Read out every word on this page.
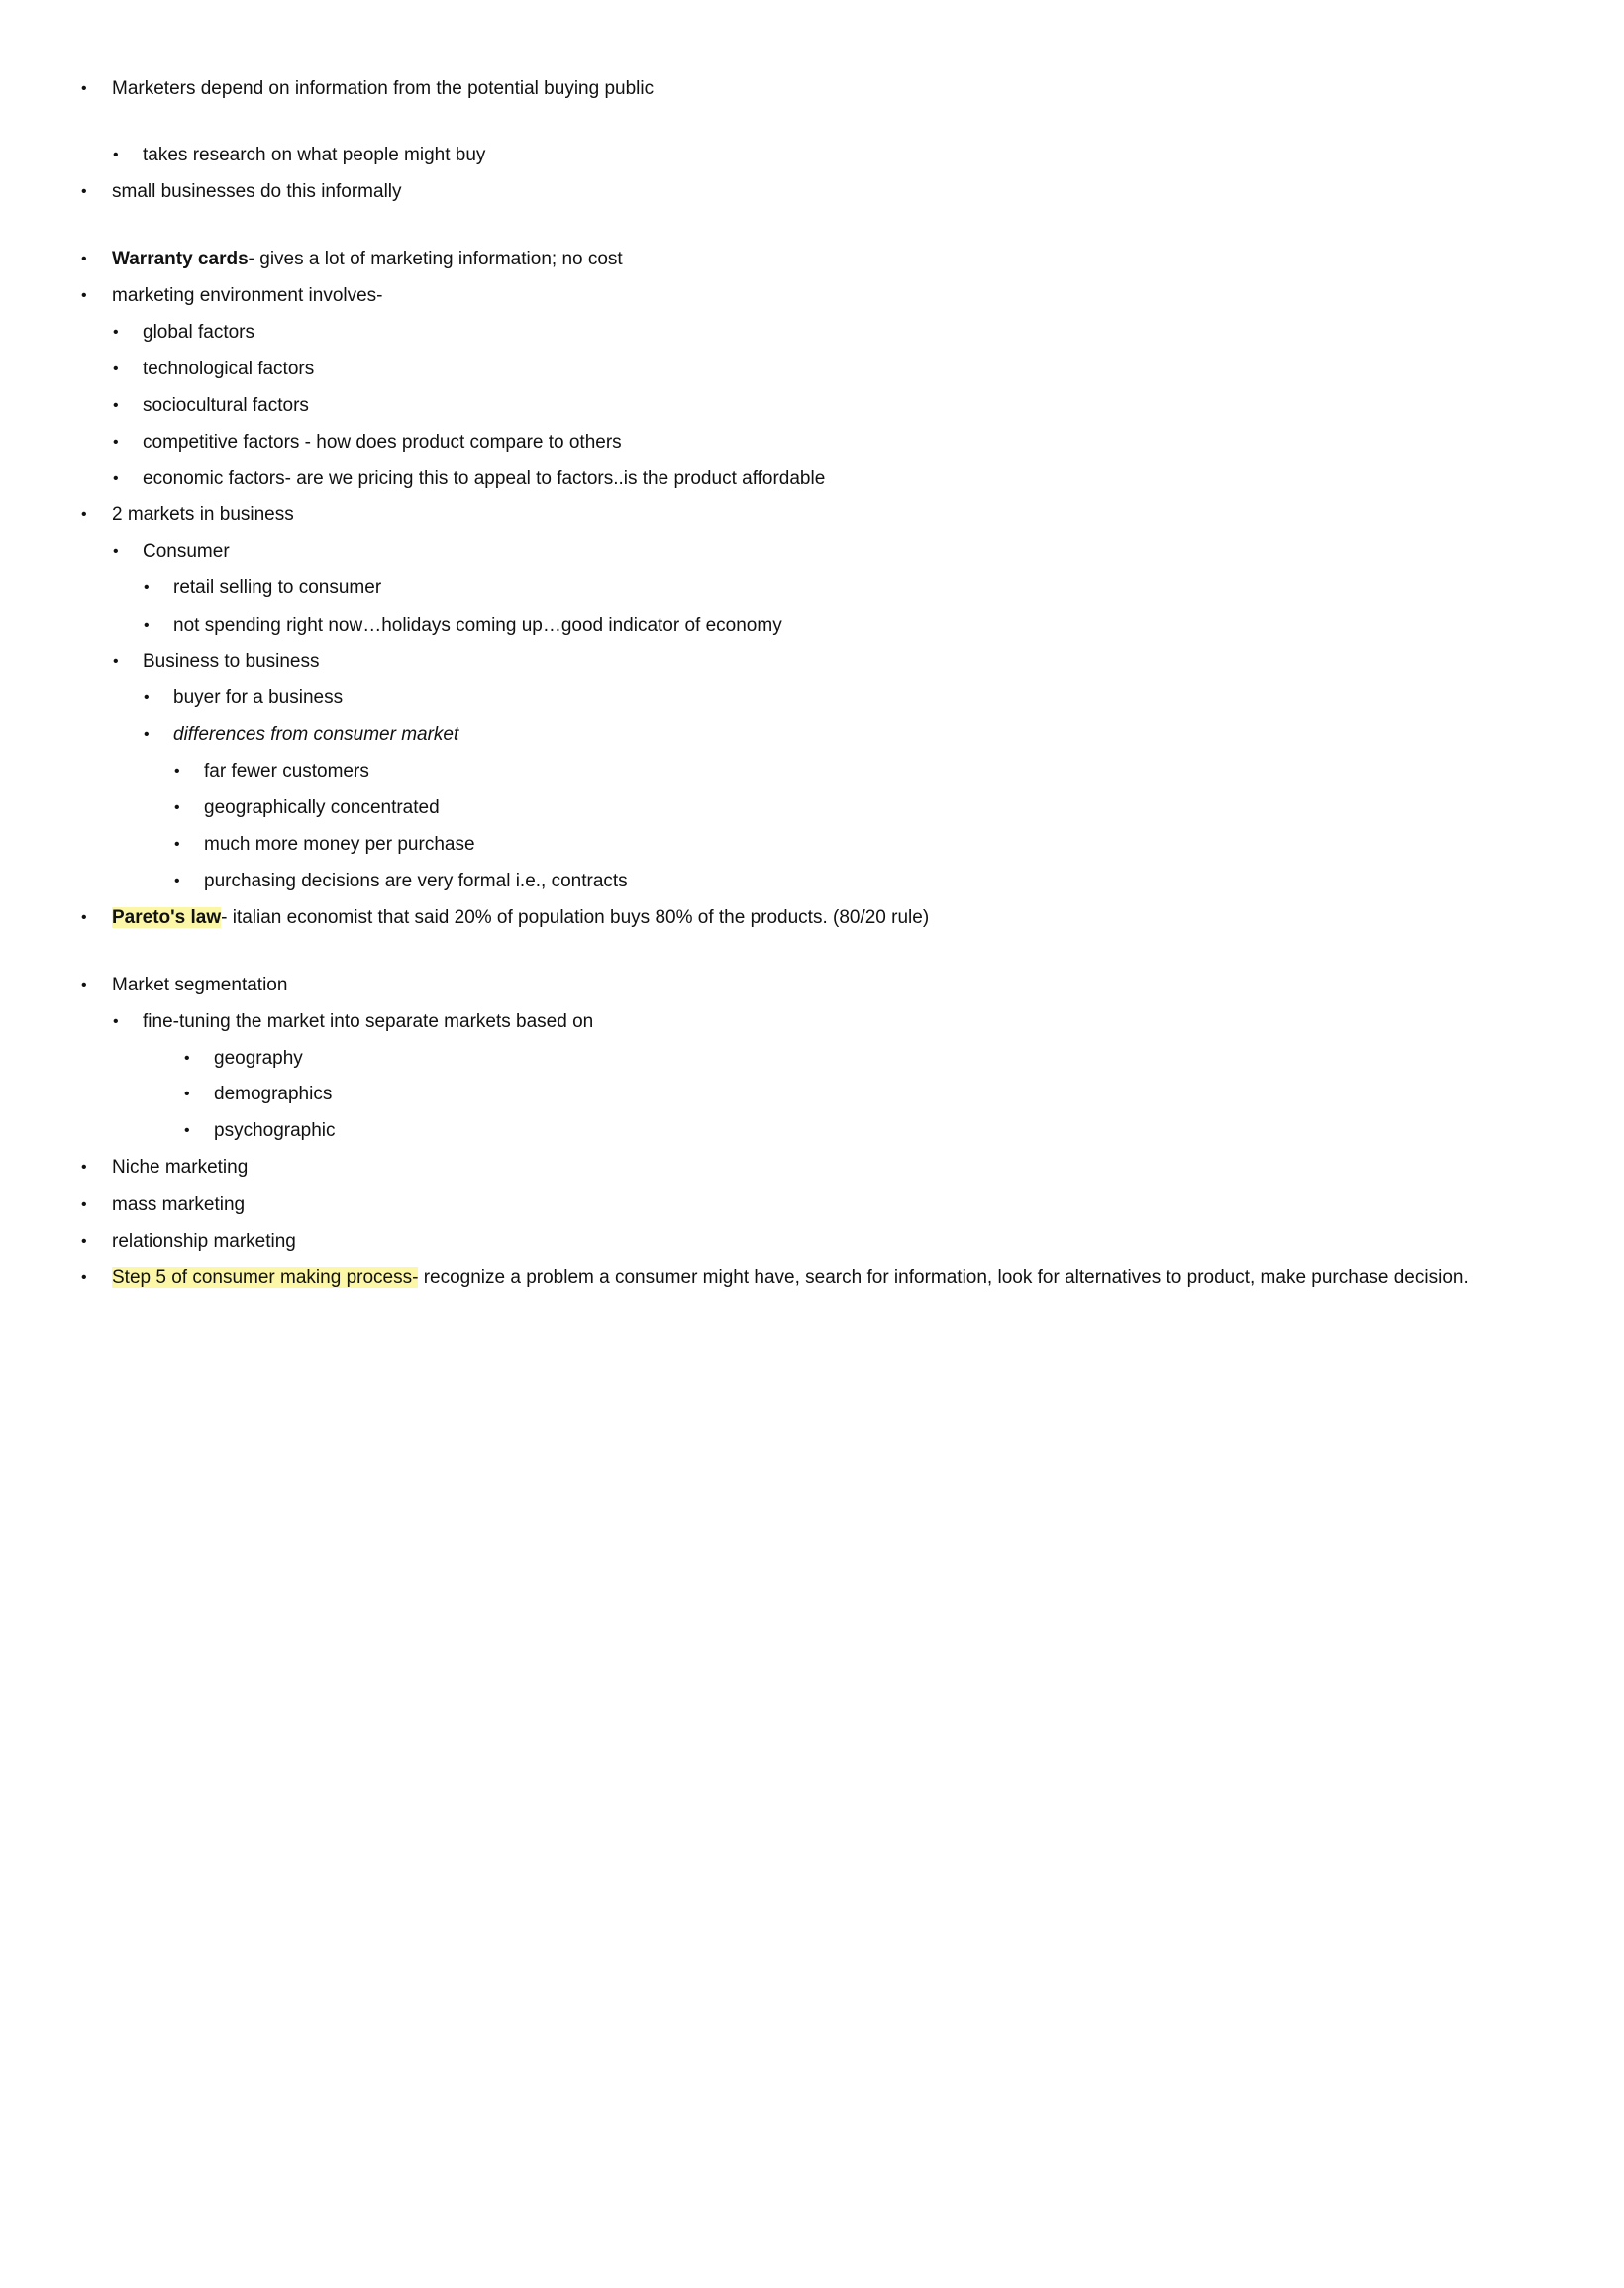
• Marketers depend on information from the potential buying public
• takes research on what people might buy
• small businesses do this informally
• Warranty cards- gives a lot of marketing information; no cost
• marketing environment involves-
• global factors
• technological factors
• sociocultural factors
• competitive factors - how does product compare to others
• economic factors- are we pricing this to appeal to factors..is the product affordable
• 2 markets in business
• Consumer
• retail selling to consumer
• not spending right now…holidays coming up…good indicator of economy
• Business to business
• buyer for a business
• differences from consumer market
• far fewer customers
• geographically concentrated
• much more money per purchase
• purchasing decisions are very formal i.e., contracts
• Pareto's law- italian economist that said 20% of population buys 80% of the products. (80/20 rule)
• Market segmentation
• fine-tuning the market into separate markets based on
• geography
• demographics
• psychographic
• Niche marketing
• mass marketing
• relationship marketing
• Step 5 of consumer making process- recognize a problem a consumer might have, search for information, look for alternatives to product, make purchase decision.
